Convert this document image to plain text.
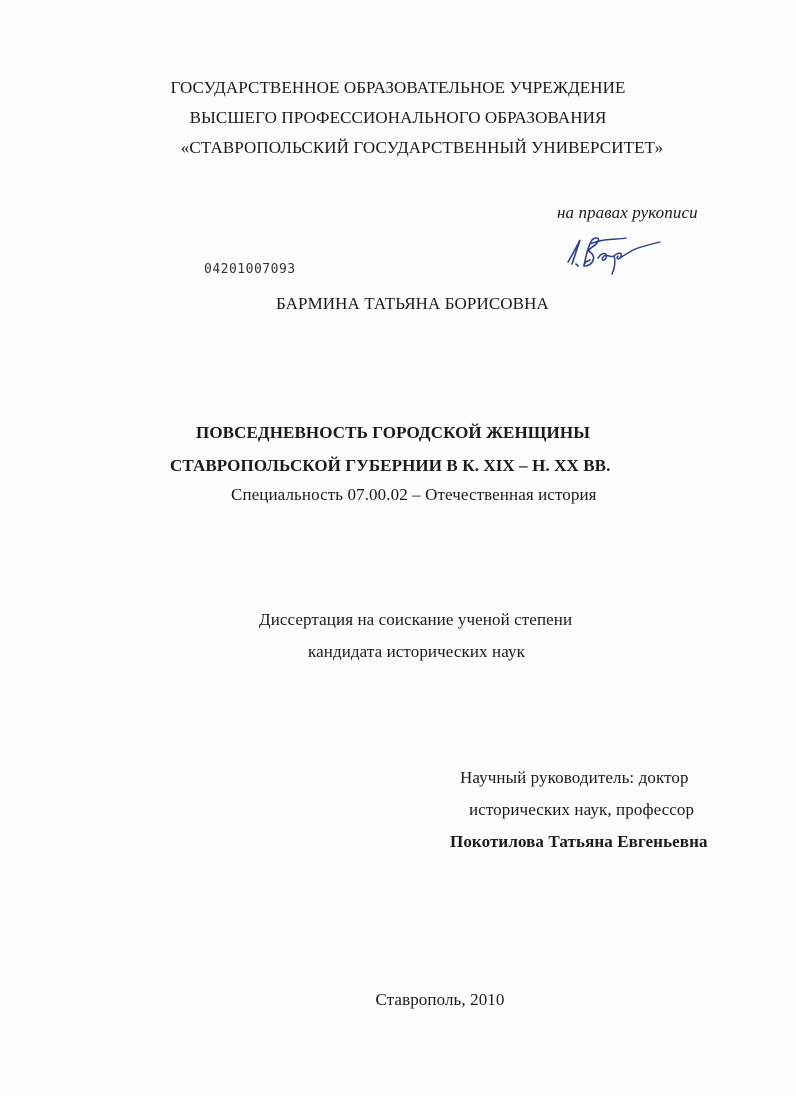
ГОСУДАРСТВЕННОЕ ОБРАЗОВАТЕЛЬНОЕ УЧРЕЖДЕНИЕ
ВЫСШЕГО ПРОФЕССИОНАЛЬНОГО ОБРАЗОВАНИЯ
«СТАВРОПОЛЬСКИЙ ГОСУДАРСТВЕННЫЙ УНИВЕРСИТЕТ»
на правах рукописи
04201007093
БАРМИНА ТАТЬЯНА БОРИСОВНА
ПОВСЕДНЕВНОСТЬ ГОРОДСКОЙ ЖЕНЩИНЫ
СТАВРОПОЛЬСКОЙ ГУБЕРНИИ В К. XIX – Н. XX ВВ.
Специальность 07.00.02 – Отечественная история
Диссертация на соискание ученой степени
кандидата исторических наук
Научный руководитель: доктор
исторических наук, профессор
Покотилова Татьяна Евгеньевна
Ставрополь, 2010
